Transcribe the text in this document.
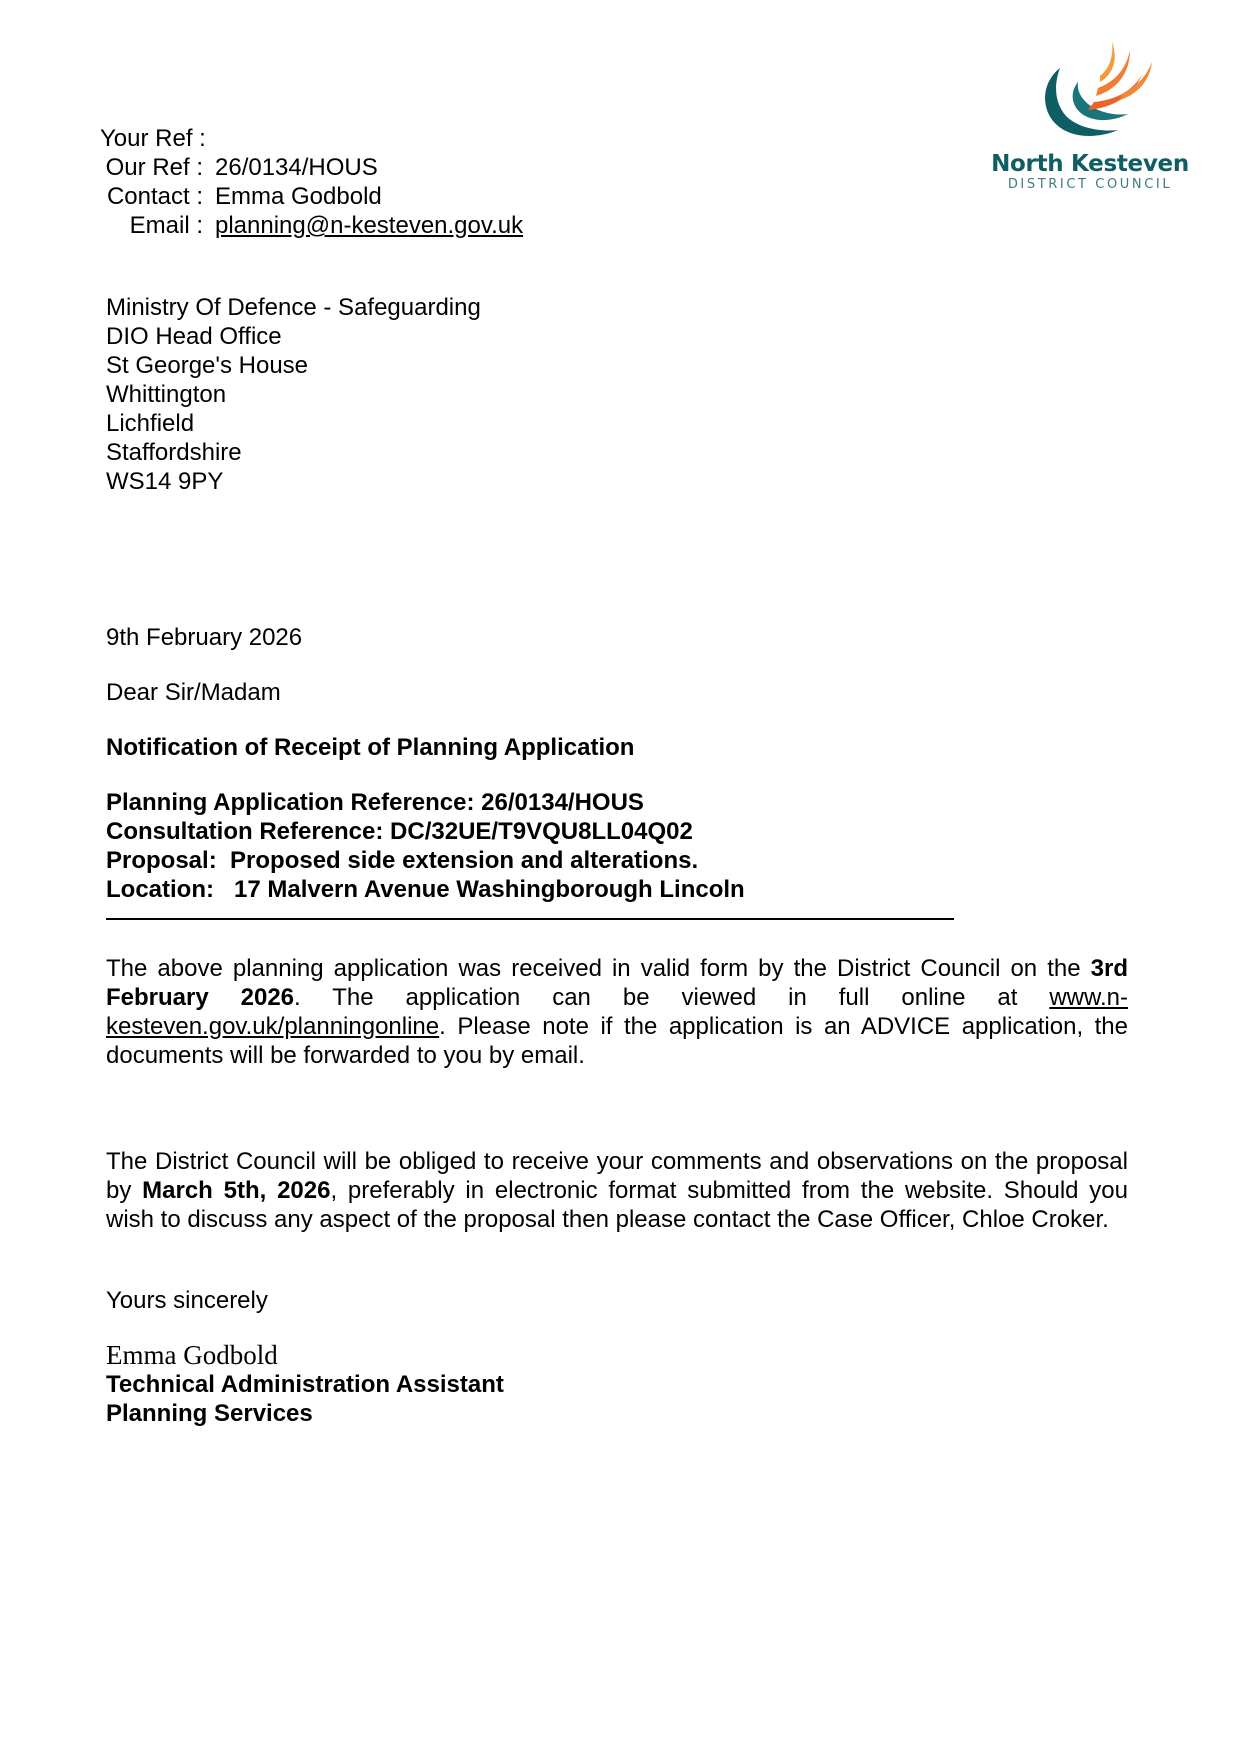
Your Ref :

Our Ref :
26/0134/HOUS
Contact :
Emma Godbold
Email :
planning@n-kesteven.gov.uk
North Kesteven
DISTRICT COUNCIL
Ministry Of Defence - Safeguarding
DIO Head Office
St George's House
Whittington
Lichfield
Staffordshire
WS14 9PY
9th February 2026
Dear Sir/Madam
Notification of Receipt of Planning Application
Planning Application Reference: 26/0134/HOUS
Consultation Reference: DC/32UE/T9VQU8LL04Q02
Proposal:  Proposed side extension and alterations.
Location:   17 Malvern Avenue Washingborough Lincoln
The above planning application was received in valid form by the District Council on the 3rd February 2026. The application can be viewed in full online at www.n-kesteven.gov.uk/planningonline. Please note if the application is an ADVICE application, the documents will be forwarded to you by email.
The District Council will be obliged to receive your comments and observations on the proposal by March 5th, 2026, preferably in electronic format submitted from the website. Should you wish to discuss any aspect of the proposal then please contact the Case Officer, Chloe Croker.
Yours sincerely
Emma Godbold
Technical Administration Assistant
Planning Services
